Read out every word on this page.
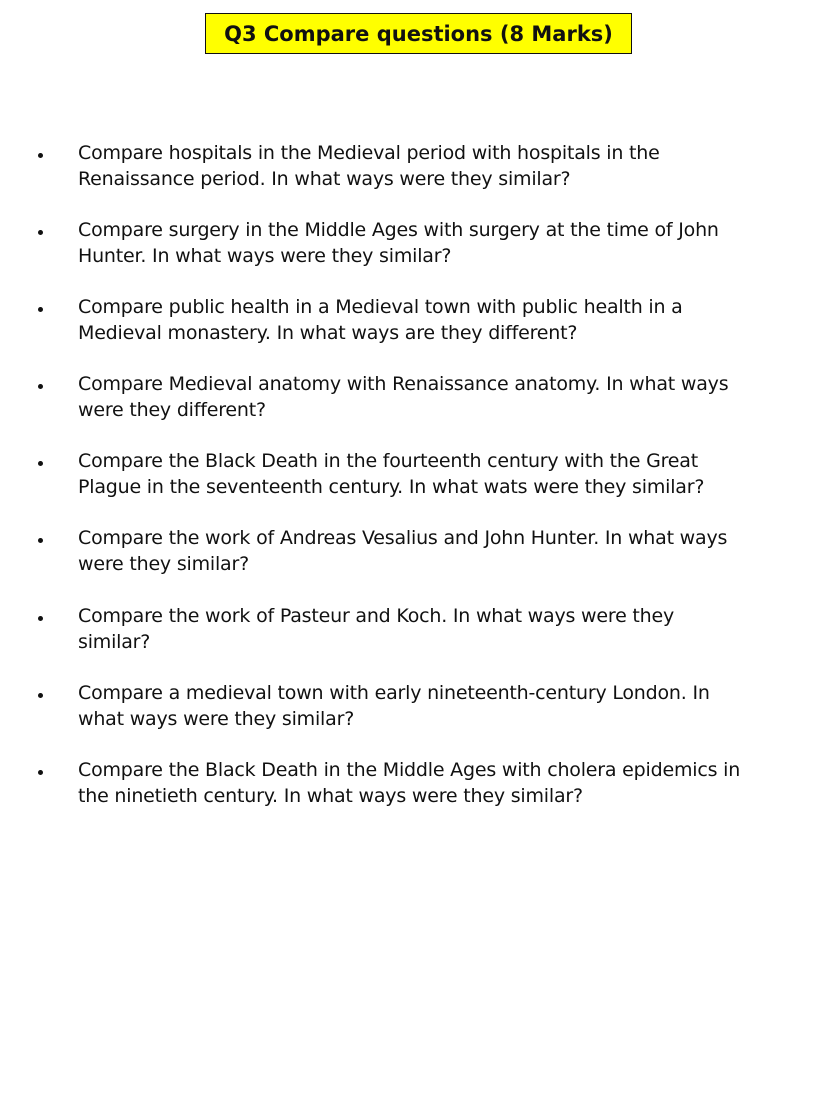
Q3 Compare questions (8 Marks)
Compare hospitals in the Medieval period with hospitals in the
Renaissance period. In what ways were they similar?
Compare surgery in the Middle Ages with surgery at the time of John
Hunter. In what ways were they similar?
Compare public health in a Medieval town with public health in a
Medieval monastery. In what ways are they different?
Compare Medieval anatomy with Renaissance anatomy. In what ways
were they different?
Compare the Black Death in the fourteenth century with the Great
Plague in the seventeenth century. In what wats were they similar?
Compare the work of Andreas Vesalius and John Hunter. In what ways
were they similar?
Compare the work of Pasteur and Koch. In what ways were they
similar?
Compare a medieval town with early nineteenth-century London. In
what ways were they similar?
Compare the Black Death in the Middle Ages with cholera epidemics in
the ninetieth century. In what ways were they similar?
